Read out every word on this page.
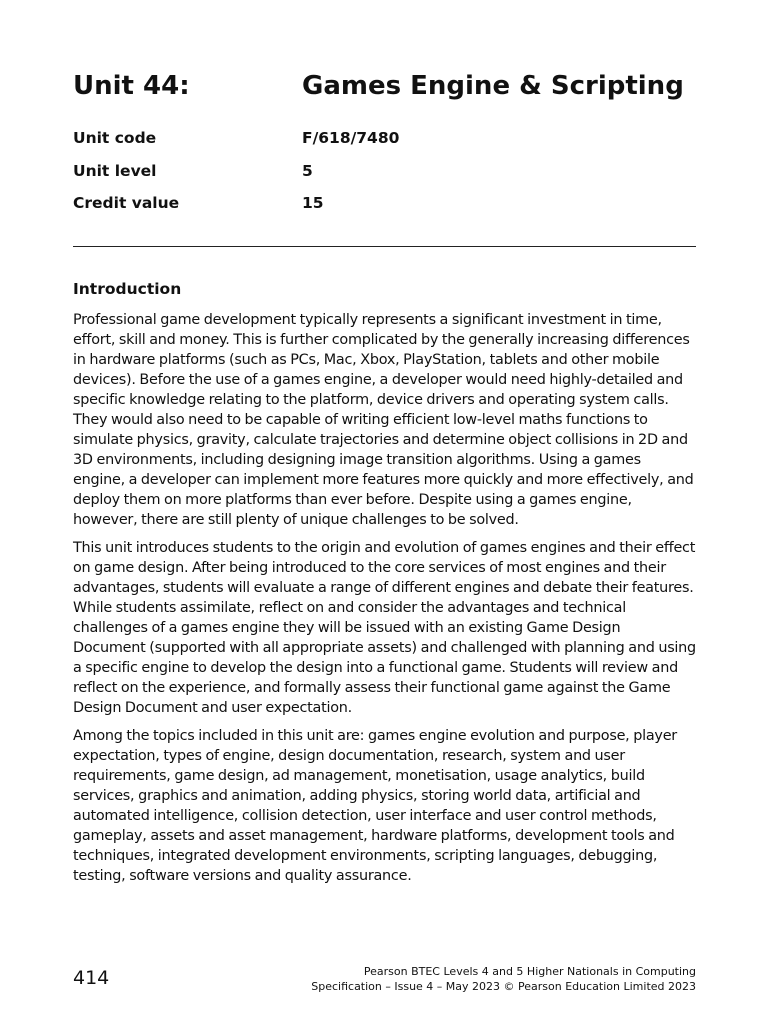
Unit 44:	Games Engine & Scripting
Unit code	F/618/7480
Unit level	5
Credit value	15
Introduction

Professional game development typically represents a significant investment in time, effort, skill and money. This is further complicated by the generally increasing differences in hardware platforms (such as PCs, Mac, Xbox, PlayStation, tablets and other mobile devices). Before the use of a games engine, a developer would need highly-detailed and specific knowledge relating to the platform, device drivers and operating system calls. They would also need to be capable of writing efficient low-level maths functions to simulate physics, gravity, calculate trajectories and determine object collisions in 2D and 3D environments, including designing image transition algorithms. Using a games engine, a developer can implement more features more quickly and more effectively, and deploy them on more platforms than ever before. Despite using a games engine, however, there are still plenty of unique challenges to be solved.

This unit introduces students to the origin and evolution of games engines and their effect on game design. After being introduced to the core services of most engines and their advantages, students will evaluate a range of different engines and debate their features. While students assimilate, reflect on and consider the advantages and technical challenges of a games engine they will be issued with an existing Game Design Document (supported with all appropriate assets) and challenged with planning and using a specific engine to develop the design into a functional game. Students will review and reflect on the experience, and formally assess their functional game against the Game Design Document and user expectation.

Among the topics included in this unit are: games engine evolution and purpose, player expectation, types of engine, design documentation, research, system and user requirements, game design, ad management, monetisation, usage analytics, build services, graphics and animation, adding physics, storing world data, artificial and automated intelligence, collision detection, user interface and user control methods, gameplay, assets and asset management, hardware platforms, development tools and techniques, integrated development environments, scripting languages, debugging, testing, software versions and quality assurance.

414	Pearson BTEC Levels 4 and 5 Higher Nationals in Computing
Specification – Issue 4 – May 2023 © Pearson Education Limited 2023
